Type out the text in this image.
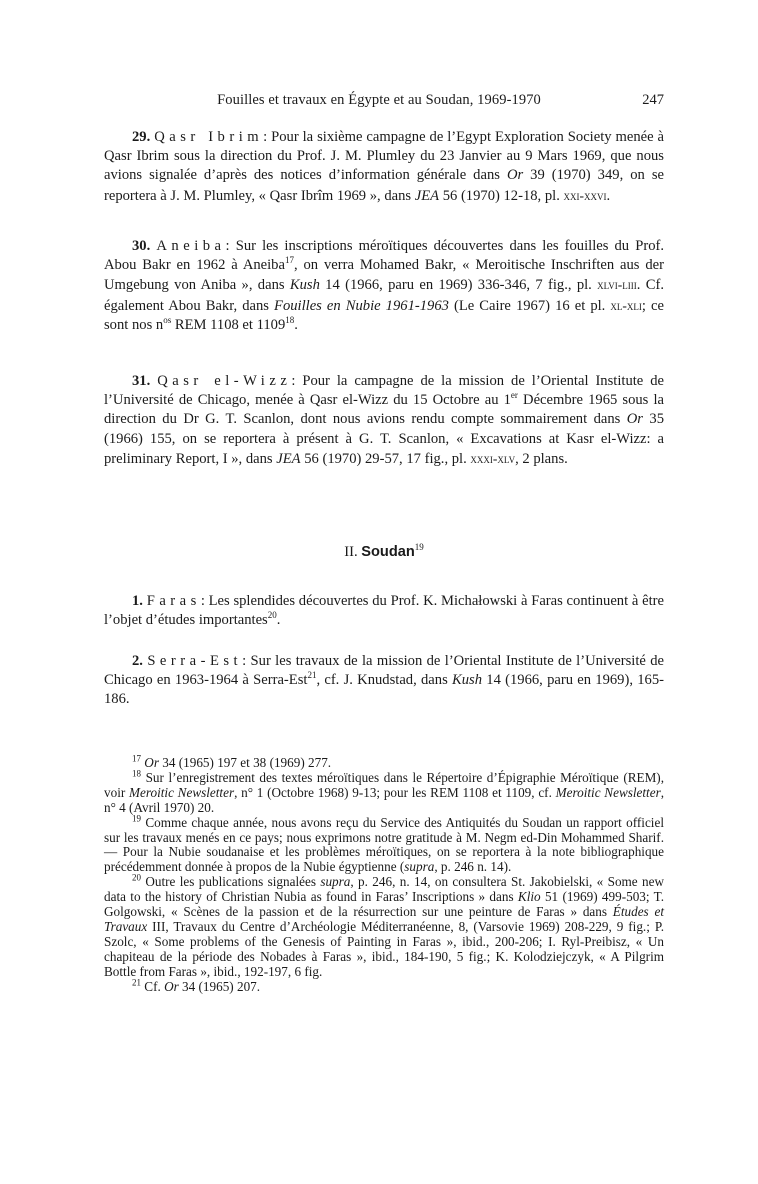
Fouilles et travaux en Égypte et au Soudan, 1969-1970	247

29. Qasr Ibrim: Pour la sixième campagne de l’Egypt Exploration Society menée à Qasr Ibrim sous la direction du Prof. J. M. Plumley du 23 Janvier au 9 Mars 1969, que nous avions signalée d’après des notices d’information générale dans Or 39 (1970) 349, on se reportera à J. M. Plumley, « Qasr Ibrîm 1969 », dans JEA 56 (1970) 12-18, pl. xxi-xxvi.

30. Aneiba: Sur les inscriptions méroïtiques découvertes dans les fouilles du Prof. Abou Bakr en 1962 à Aneiba$^{17}$, on verra Mohamed Bakr, « Meroitische Inschriften aus der Umgebung von Aniba », dans Kush 14 (1966, paru en 1969) 336-346, 7 fig., pl. xlvi-liii. Cf. également Abou Bakr, dans Fouilles en Nubie 1961-1963 (Le Caire 1967) 16 et pl. xl-xli; ce sont nos $n^{os}$ REM 1108 et 1109$^{18}$.

31. Qasr el-Wizz: Pour la campagne de la mission de l’Oriental Institute de l’Université de Chicago, menée à Qasr el-Wizz du 15 Octobre au 1er Décembre 1965 sous la direction du Dr G. T. Scanlon, dont nous avions rendu compte sommairement dans Or 35 (1966) 155, on se reportera à présent à G. T. Scanlon, « Excavations at Kasr el-Wizz: a preliminary Report, I », dans JEA 56 (1970) 29-57, 17 fig., pl. xxxi-xlv, 2 plans.

II. Soudan$^{19}$

1. Faras: Les splendides découvertes du Prof. K. Michałowski à Faras continuent à être l’objet d’études importantes$^{20}$.

2. Serra-Est: Sur les travaux de la mission de l’Oriental Institute de l’Université de Chicago en 1963-1964 à Serra-Est$^{21}$, cf. J. Knudstad, dans Kush 14 (1966, paru en 1969), 165-186.

$^{17}$ Or 34 (1965) 197 et 38 (1969) 277.

$^{18}$ Sur l’enregistrement des textes méroïtiques dans le Répertoire d’Épigraphie Méroïtique (REM), voir Meroitic Newsletter, n° 1 (Octobre 1968) 9-13; pour les REM 1108 et 1109, cf. Meroitic Newsletter, n° 4 (Avril 1970) 20.

$^{19}$ Comme chaque année, nous avons reçu du Service des Antiquités du Soudan un rapport officiel sur les travaux menés en ce pays; nous exprimons notre gratitude à M. Negm ed-Din Mohammed Sharif. — Pour la Nubie soudanaise et les problèmes méroïtiques, on se reportera à la note bibliographique précédemment donnée à propos de la Nubie égyptienne (supra, p. 246 n. 14).

$^{20}$ Outre les publications signalées supra, p. 246, n. 14, on consultera St. Jakobielski, « Some new data to the history of Christian Nubia as found in Faras’ Inscriptions » dans Klio 51 (1969) 499-503; T. Golgowski, « Scènes de la passion et de la résurrection sur une peinture de Faras » dans Études et Travaux III, Travaux du Centre d’Archéologie Méditerranéenne, 8, (Varsovie 1969) 208-229, 9 fig.; P. Szolc, « Some problems of the Genesis of Painting in Faras », ibid., 200-206; I. Ryl-Preibisz, « Un chapiteau de la période des Nobades à Faras », ibid., 184-190, 5 fig.; K. Kolodziejczyk, « A Pilgrim Bottle from Faras », ibid., 192-197, 6 fig.

$^{21}$ Cf. Or 34 (1965) 207.
